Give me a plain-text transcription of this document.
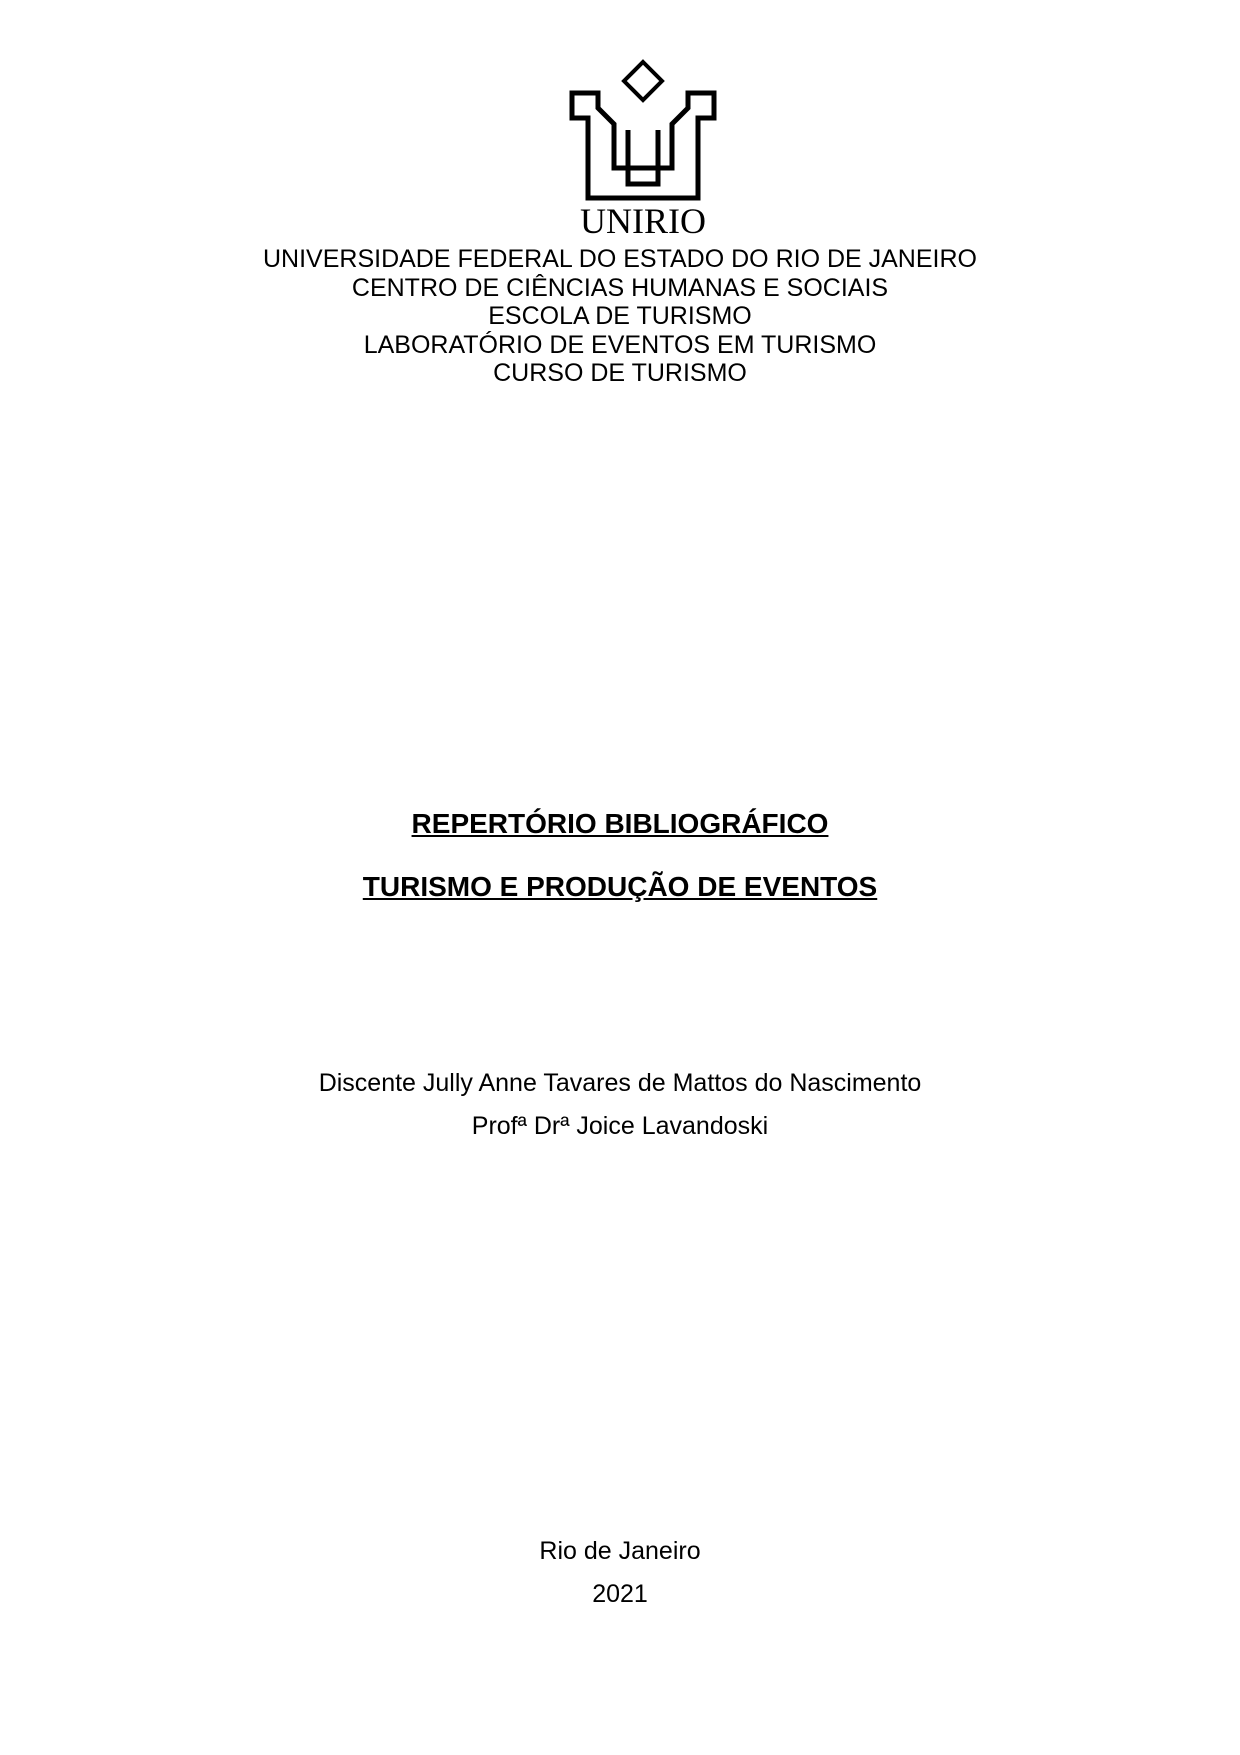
UNIRIO
UNIVERSIDADE FEDERAL DO ESTADO DO RIO DE JANEIRO
CENTRO DE CIÊNCIAS HUMANAS E SOCIAIS
ESCOLA DE TURISMO
LABORATÓRIO DE EVENTOS EM TURISMO
CURSO DE TURISMO
REPERTÓRIO BIBLIOGRÁFICO
TURISMO E PRODUÇÃO DE EVENTOS
Discente Jully Anne Tavares de Mattos do Nascimento
Profª Drª Joice Lavandoski
Rio de Janeiro
2021
